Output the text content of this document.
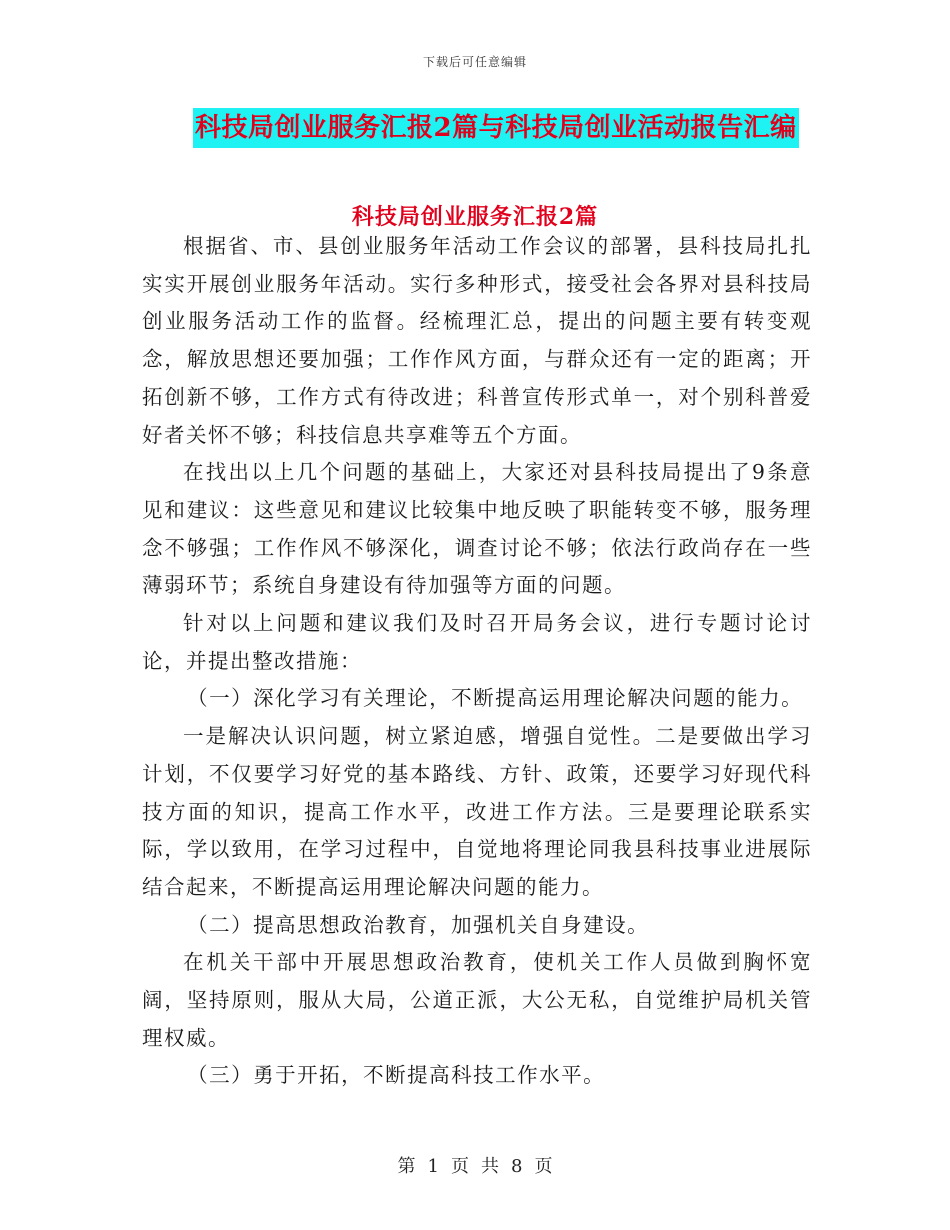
下载后可任意编辑
科技局创业服务汇报2篇与科技局创业活动报告汇编
科技局创业服务汇报2篇

根据省、市、县创业服务年活动工作会议的部署，县科技局扎扎实实开展创业服务年活动。实行多种形式，接受社会各界对县科技局创业服务活动工作的监督。经梳理汇总，提出的问题主要有转变观念，解放思想还要加强；工作作风方面，与群众还有一定的距离；开拓创新不够，工作方式有待改进；科普宣传形式单一，对个别科普爱好者关怀不够；科技信息共享难等五个方面。

在找出以上几个问题的基础上，大家还对县科技局提出了9条意见和建议：这些意见和建议比较集中地反映了职能转变不够，服务理念不够强；工作作风不够深化，调查讨论不够；依法行政尚存在一些薄弱环节；系统自身建设有待加强等方面的问题。

针对以上问题和建议我们及时召开局务会议，进行专题讨论讨论，并提出整改措施：

（一）深化学习有关理论，不断提高运用理论解决问题的能力。

一是解决认识问题，树立紧迫感，增强自觉性。二是要做出学习计划，不仅要学习好党的基本路线、方针、政策，还要学习好现代科技方面的知识，提高工作水平，改进工作方法。三是要理论联系实际，学以致用，在学习过程中，自觉地将理论同我县科技事业进展际结合起来，不断提高运用理论解决问题的能力。

（二）提高思想政治教育，加强机关自身建设。

在机关干部中开展思想政治教育，使机关工作人员做到胸怀宽阔，坚持原则，服从大局，公道正派，大公无私，自觉维护局机关管理权威。

（三）勇于开拓，不断提高科技工作水平。

第 1 页 共 8 页
